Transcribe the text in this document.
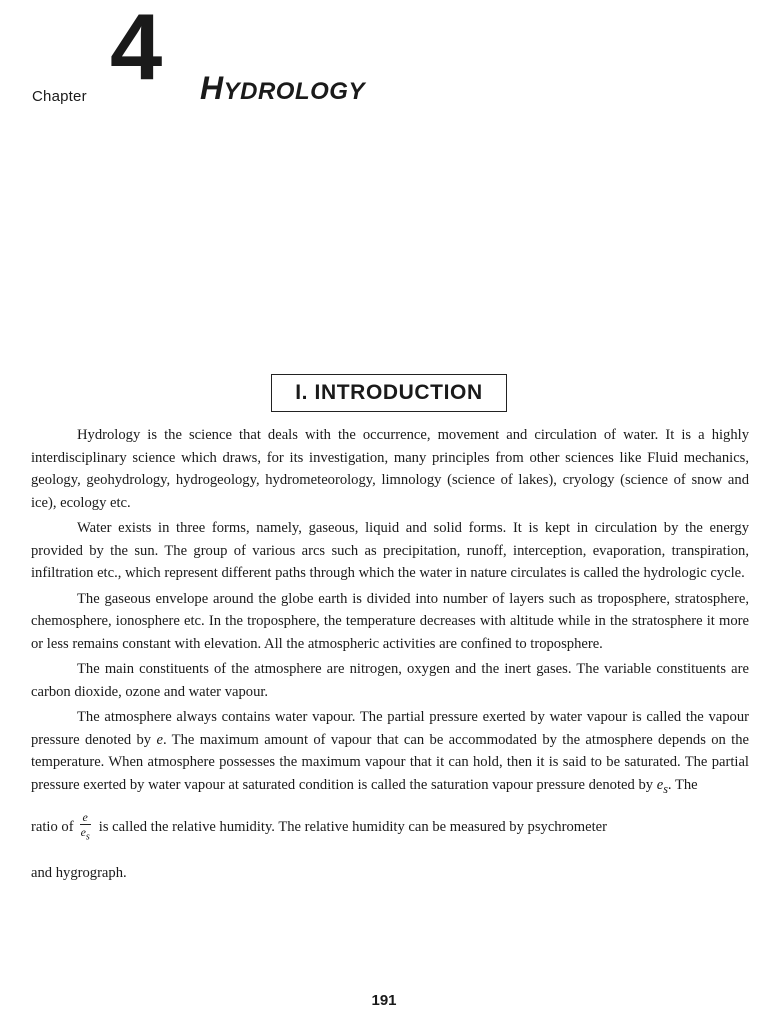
Chapter 4 HYDROLOGY
I. INTRODUCTION

Hydrology is the science that deals with the occurrence, movement and circulation of water. It is a highly interdisciplinary science which draws, for its investigation, many principles from other sciences like Fluid mechanics, geology, geohydrology, hydrogeology, hydrometeorology, limnology (science of lakes), cryology (science of snow and ice), ecology etc.

Water exists in three forms, namely, gaseous, liquid and solid forms. It is kept in circulation by the energy provided by the sun. The group of various arcs such as precipitation, runoff, interception, evaporation, transpiration, infiltration etc., which represent different paths through which the water in nature circulates is called the hydrologic cycle.

The gaseous envelope around the globe earth is divided into number of layers such as troposphere, stratosphere, chemosphere, ionosphere etc. In the troposphere, the temperature decreases with altitude while in the stratosphere it more or less remains constant with elevation. All the atmospheric activities are confined to troposphere.

The main constituents of the atmosphere are nitrogen, oxygen and the inert gases. The variable constituents are carbon dioxide, ozone and water vapour.

The atmosphere always contains water vapour. The partial pressure exerted by water vapour is called the vapour pressure denoted by e. The maximum amount of vapour that can be accommodated by the atmosphere depends on the temperature. When atmosphere possesses the maximum vapour that it can hold, then it is said to be saturated. The partial pressure exerted by water vapour at saturated condition is called the saturation vapour pressure denoted by $e_s$. The

ratio of $\frac{e}{e_s}$ is called the relative humidity. The relative humidity can be measured by psychrometer
and hygrograph.
191
